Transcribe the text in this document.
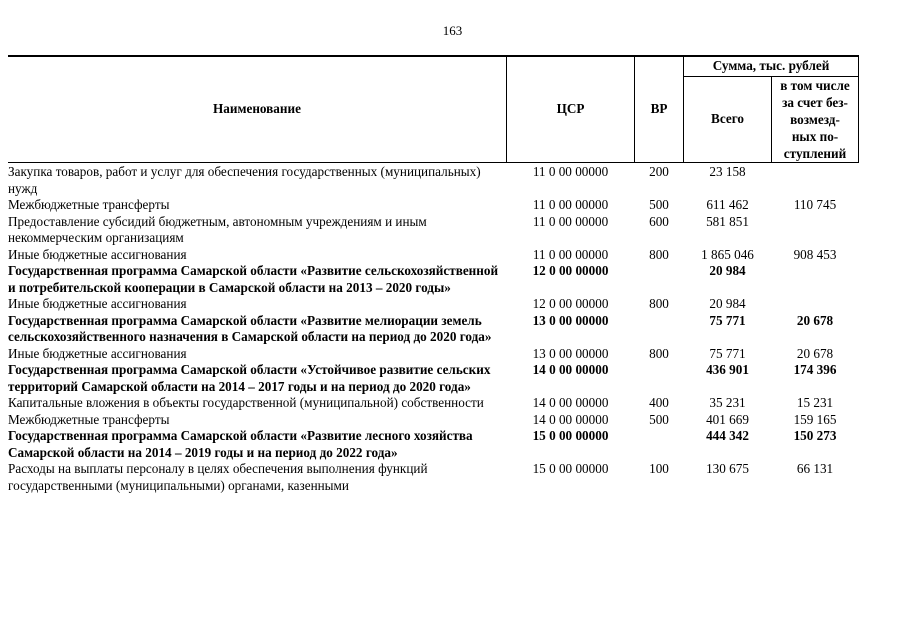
163
Наименование	ЦСР	ВР	Сумма, тыс. рублей	
			Всего	в том числе
за счет без-
возмезд-
ных по-
ступлений
Закупка товаров, работ и услуг для обеспечения государственных (муниципальных) нужд	11 0 00 00000	200	23 158	
Межбюджетные трансферты	11 0 00 00000	500	611 462	110 745
Предоставление субсидий бюджетным, автономным учреждениям и иным некоммерческим организациям	11 0 00 00000	600	581 851	
Иные бюджетные ассигнования	11 0 00 00000	800	1 865 046	908 453
Государственная программа Самарской области «Развитие сельскохозяйственной и потребительской кооперации в Самарской области на 2013 – 2020 годы»	12 0 00 00000		20 984	
Иные бюджетные ассигнования	12 0 00 00000	800	20 984	
Государственная программа Самарской области «Развитие мелиорации земель сельскохозяйственного назначения в Самарской области на период до 2020 года»	13 0 00 00000		75 771	20 678
Иные бюджетные ассигнования	13 0 00 00000	800	75 771	20 678
Государственная программа Самарской области «Устойчивое развитие сельских территорий Самарской области на 2014 – 2017 годы и на период до 2020 года»	14 0 00 00000		436 901	174 396
Капитальные вложения в объекты государственной (муниципальной) собственности	14 0 00 00000	400	35 231	15 231
Межбюджетные трансферты	14 0 00 00000	500	401 669	159 165
Государственная программа Самарской области «Развитие лесного хозяйства Самарской области на 2014 – 2019 годы и на период до 2022 года»	15 0 00 00000		444 342	150 273
Расходы на выплаты персоналу в целях обеспечения выполнения функций государственными (муниципальными) органами, казенными	15 0 00 00000	100	130 675	66 131
